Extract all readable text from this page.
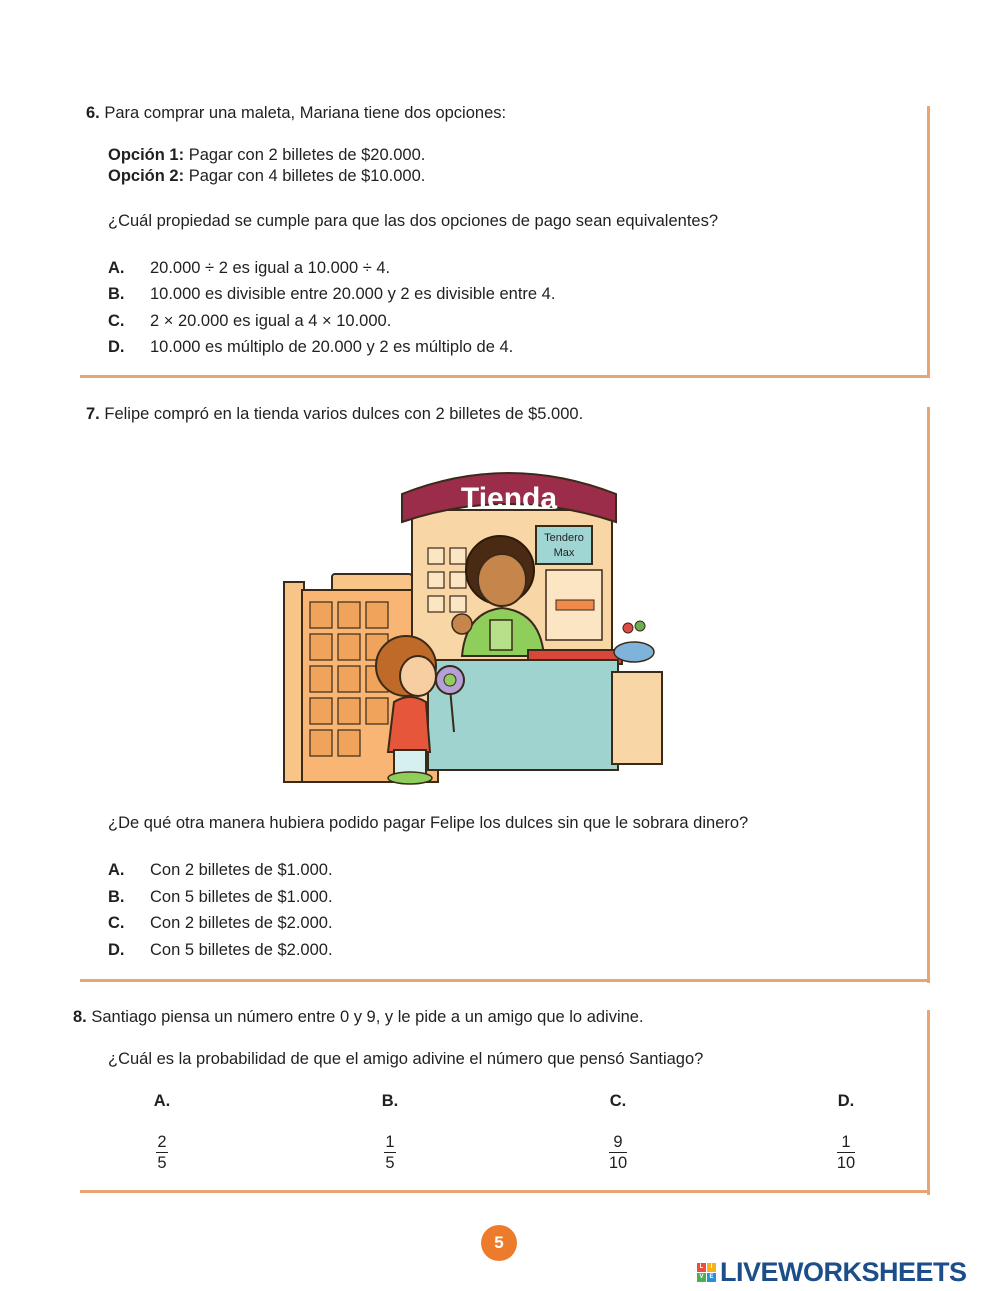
6. Para comprar una maleta, Mariana tiene dos opciones:
Opción 1: Pagar con 2 billetes de $20.000.
Opción 2: Pagar con 4 billetes de $10.000.
¿Cuál propiedad se cumple para que las dos opciones de pago sean equivalentes?
A. 20.000 ÷ 2 es igual a 10.000 ÷ 4.
B. 10.000 es divisible entre 20.000 y 2 es divisible entre 4.
C. 2 × 20.000 es igual a 4 × 10.000.
D. 10.000 es múltiplo de 20.000 y 2 es múltiplo de 4.
7. Felipe compró en la tienda varios dulces con 2 billetes de $5.000.
Tienda
Tendero
Max
¿De qué otra manera hubiera podido pagar Felipe los dulces sin que le sobrara dinero?
A. Con 2 billetes de $1.000.
B. Con 5 billetes de $1.000.
C. Con 2 billetes de $2.000.
D. Con 5 billetes de $2.000.
8. Santiago piensa un número entre 0 y 9, y le pide a un amigo que lo adivine.
¿Cuál es la probabilidad de que el amigo adivine el número que pensó Santiago?
A.
$\frac{2}{5}$
B.
$\frac{1}{5}$
C.
$\frac{9}{10}$
D.
$\frac{1}{10}$
5
L	I
V E LIVEWORKSHEETS
